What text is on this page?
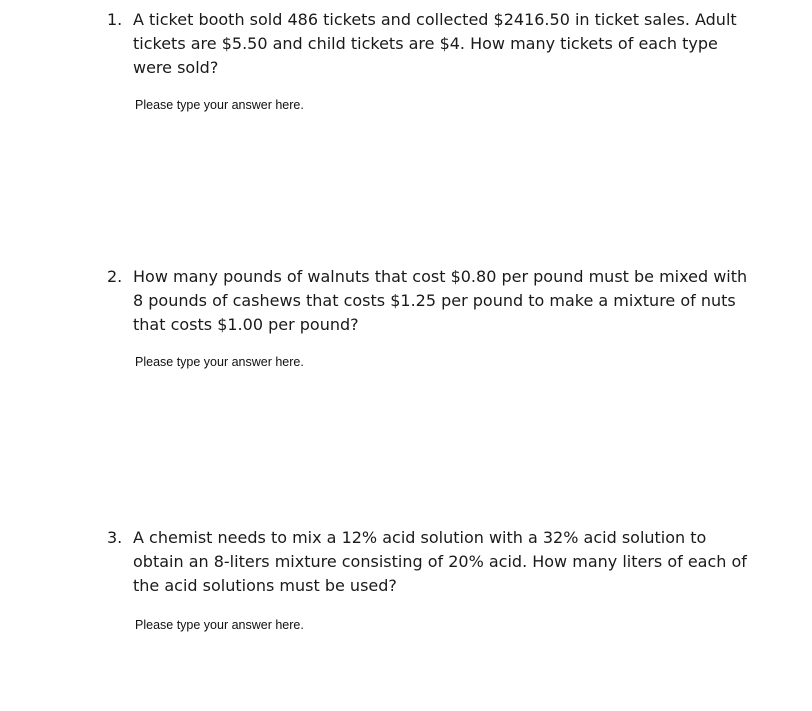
1. A ticket booth sold 486 tickets and collected $2416.50 in ticket sales. Adult tickets are $5.50 and child tickets are $4. How many tickets of each type were sold?
Please type your answer here.
2. How many pounds of walnuts that cost $0.80 per pound must be mixed with 8 pounds of cashews that costs $1.25 per pound to make a mixture of nuts that costs $1.00 per pound?
Please type your answer here.
3. A chemist needs to mix a 12% acid solution with a 32% acid solution to obtain an 8-liters mixture consisting of 20% acid. How many liters of each of the acid solutions must be used?
Please type your answer here.
